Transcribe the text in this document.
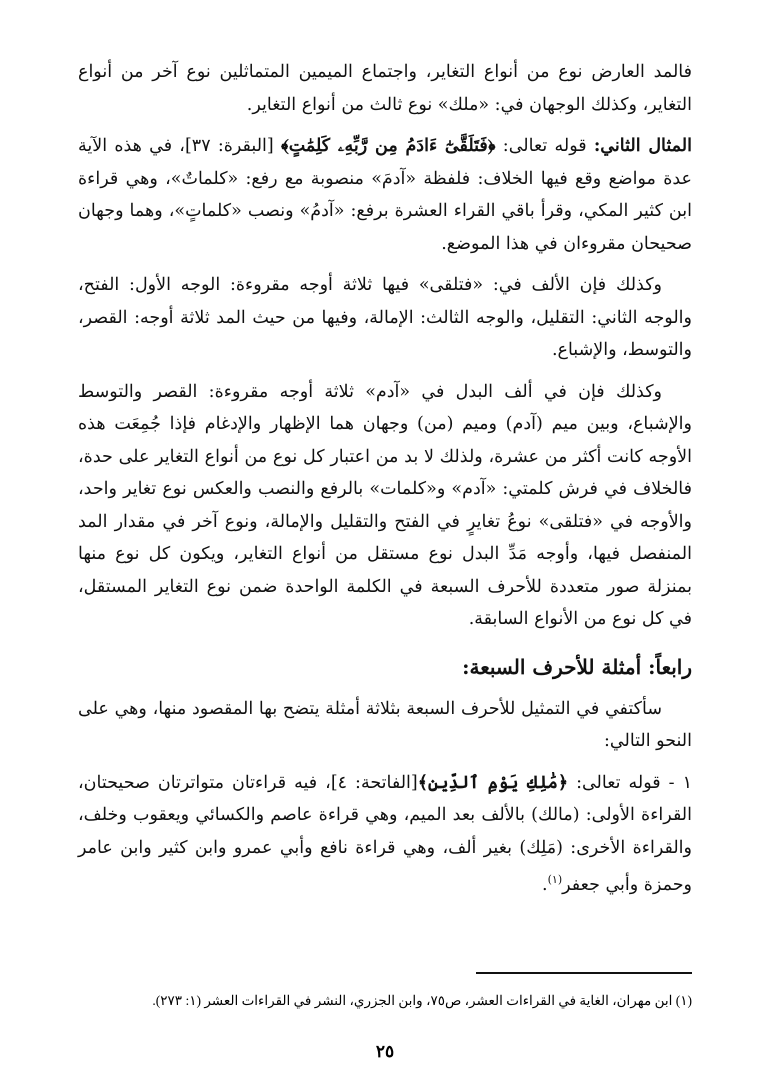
فالمد العارض نوع من أنواع التغاير، واجتماع الميمين المتماثلين نوع آخر من أنواع التغاير، وكذلك الوجهان في: «ملك» نوع ثالث من أنواع التغاير.

المثال الثاني: قوله تعالى: ﴿فَتَلَقَّىٰٓ ءَادَمُ مِن رَّبِّهِۦ كَلِمَٰتٍ﴾ [البقرة: ٣٧]، في هذه الآية عدة مواضع وقع فيها الخلاف: فلفظة «آدمَ» منصوبة مع رفع: «كلماتٌ»، وهي قراءة ابن كثير المكي، وقرأ باقي القراء العشرة برفع: «آدمُ» ونصب «كلماتٍ»، وهما وجهان صحيحان مقروءان في هذا الموضع.

وكذلك فإن الألف في: «فتلقى» فيها ثلاثة أوجه مقروءة: الوجه الأول: الفتح، والوجه الثاني: التقليل، والوجه الثالث: الإمالة، وفيها من حيث المد ثلاثة أوجه: القصر، والتوسط، والإشباع.

وكذلك فإن في ألف البدل في «آدم» ثلاثة أوجه مقروءة: القصر والتوسط والإشباع، وبين ميم (آدم) وميم (من) وجهان هما الإظهار والإدغام فإذا جُمِعَت هذه الأوجه كانت أكثر من عشرة، ولذلك لا بد من اعتبار كل نوع من أنواع التغاير على حدة، فالخلاف في فرش كلمتي: «آدم» و«كلمات» بالرفع والنصب والعكس نوع تغاير واحد، والأوجه في «فتلقى» نوعُ تغايرٍ في الفتح والتقليل والإمالة، ونوع آخر في مقدار المد المنفصل فيها، وأوجه مَدِّ البدل نوع مستقل من أنواع التغاير، ويكون كل نوع منها بمنزلة صور متعددة للأحرف السبعة في الكلمة الواحدة ضمن نوع التغاير المستقل، في كل نوع من الأنواع السابقة.

رابعاً: أمثلة للأحرف السبعة:

سأكتفي في التمثيل للأحرف السبعة بثلاثة أمثلة يتضح بها المقصود منها، وهي على النحو التالي:

١ - قوله تعالى: ﴿مَٰلِكِ يَوْمِ ٱلدِّينِ﴾[الفاتحة: ٤]، فيه قراءتان متواترتان صحيحتان، القراءة الأولى: (مالك) بالألف بعد الميم، وهي قراءة عاصم والكسائي ويعقوب وخلف، والقراءة الأخرى: (مَلِك) بغير ألف، وهي قراءة نافع وأبي عمرو وابن كثير وابن عامر وحمزة وأبي جعفر$^{(١)}$.

(١) ابن مهران، الغاية في القراءات العشر، ص٧٥، وابن الجزري، النشر في القراءات العشر (١: ٢٧٣).
٢٥
